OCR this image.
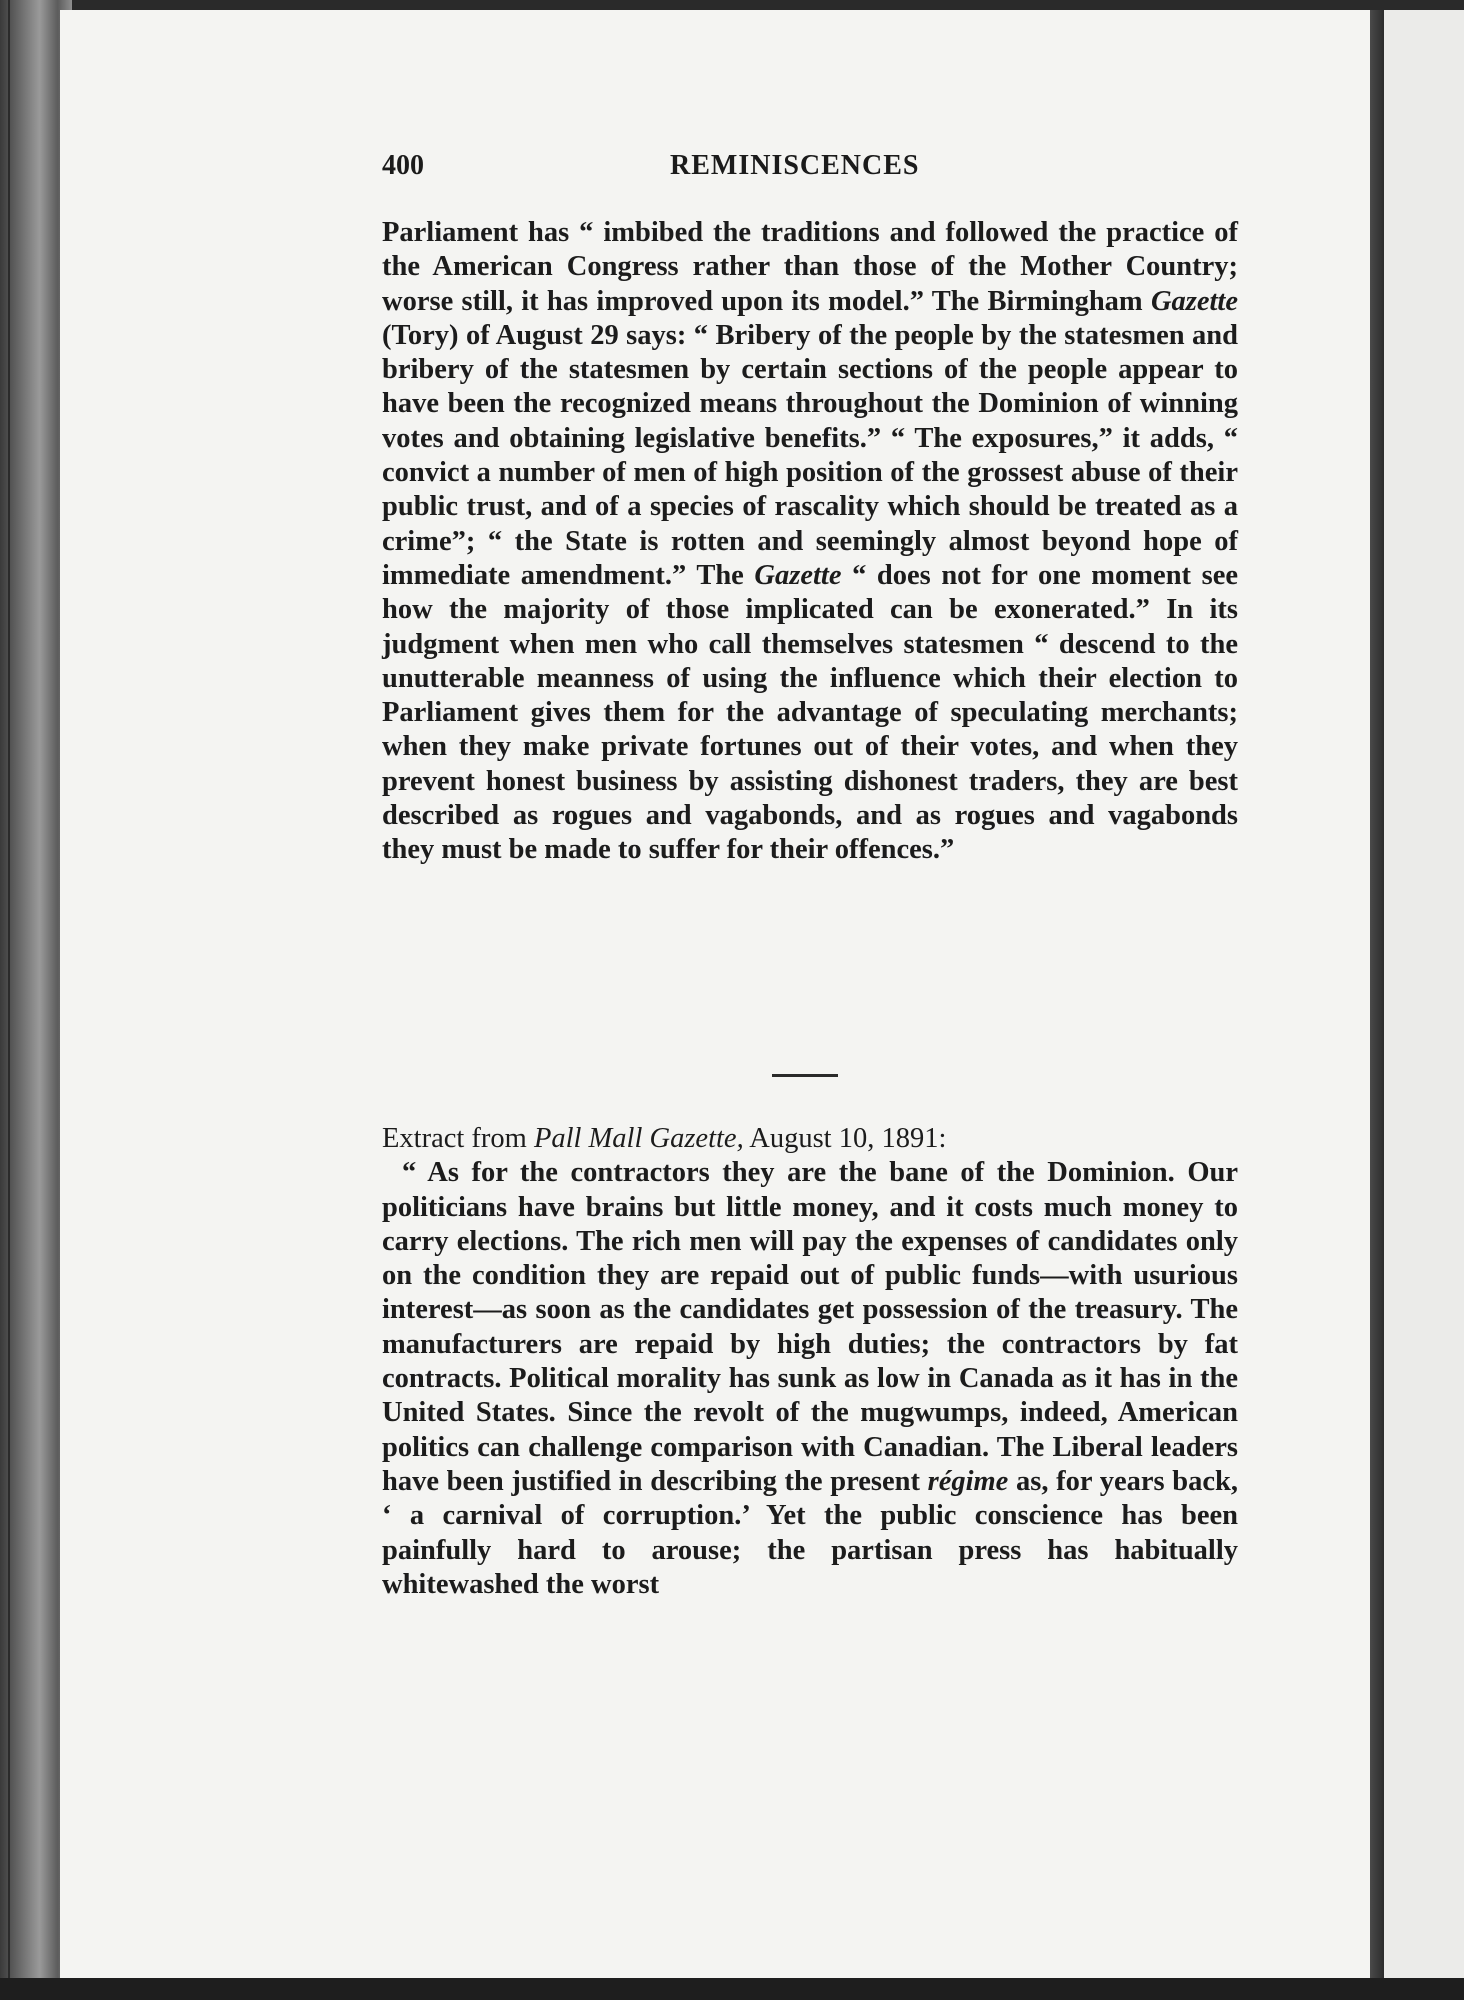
400	REMINISCENCES

Parliament has “ imbibed the traditions and followed the practice of the American Congress rather than those of the Mother Country; worse still, it has improved upon its model.” The Birmingham Gazette (Tory) of August 29 says: “ Bribery of the people by the statesmen and bribery of the statesmen by certain sections of the people appear to have been the recognized means throughout the Dominion of winning votes and obtaining legislative benefits.” “ The exposures,” it adds, “ convict a number of men of high position of the grossest abuse of their public trust, and of a species of rascality which should be treated as a crime”; “ the State is rotten and seemingly almost beyond hope of immediate amendment.” The Gazette “ does not for one moment see how the majority of those implicated can be exonerated.” In its judgment when men who call themselves statesmen “ descend to the unutterable meanness of using the influence which their election to Parliament gives them for the advantage of speculating merchants; when they make private fortunes out of their votes, and when they prevent honest business by assisting dishonest traders, they are best described as rogues and vagabonds, and as rogues and vagabonds they must be made to suffer for their offences.”

Extract from Pall Mall Gazette, August 10, 1891:

“ As for the contractors they are the bane of the Dominion. Our politicians have brains but little money, and it costs much money to carry elections. The rich men will pay the expenses of candidates only on the condition they are repaid out of public funds—with usurious interest—as soon as the candidates get possession of the treasury. The manufacturers are repaid by high duties; the contractors by fat contracts. Political morality has sunk as low in Canada as it has in the United States. Since the revolt of the mugwumps, indeed, American politics can challenge comparison with Canadian. The Liberal leaders have been justified in describing the present régime as, for years back, ‘ a carnival of corruption.’ Yet the public conscience has been painfully hard to arouse; the partisan press has habitually whitewashed the worst
